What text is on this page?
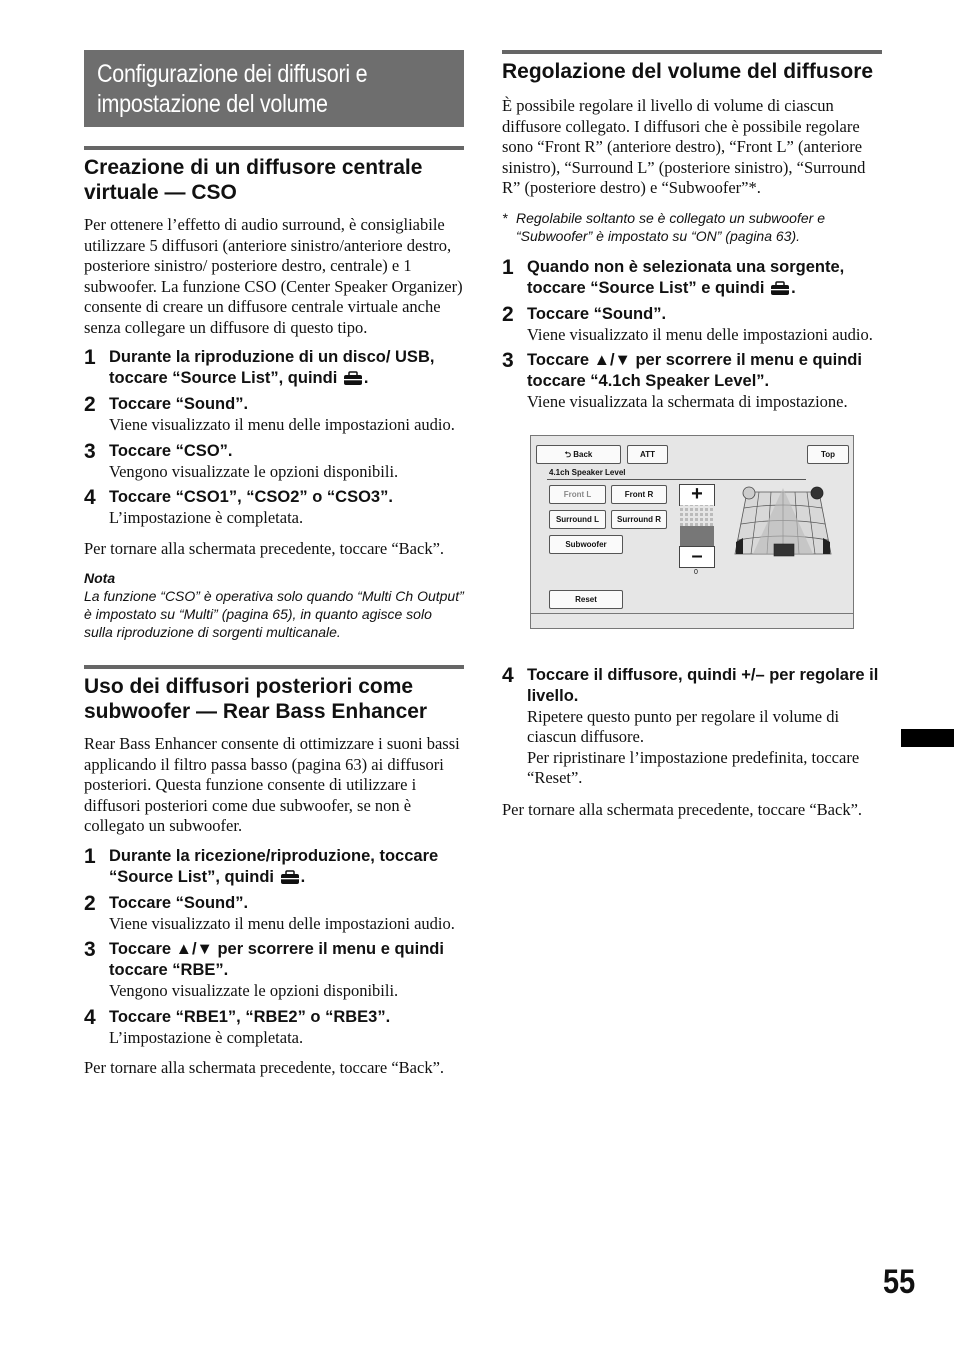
Configurazione dei diffusori e impostazione del volume
Creazione di un diffusore centrale virtuale — CSO

Per ottenere l’effetto di audio surround, è consigliabile utilizzare 5 diffusori (anteriore sinistro/anteriore destro, posteriore sinistro/ posteriore destro, centrale) e 1 subwoofer. La funzione CSO (Center Speaker Organizer) consente di creare un diffusore centrale virtuale anche senza collegare un diffusore di questo tipo.

1 Durante la riproduzione di un disco/ USB, toccare “Source List”, quindi .
2 Toccare “Sound”.
Viene visualizzato il menu delle impostazioni audio.
3 Toccare “CSO”.
Vengono visualizzate le opzioni disponibili.
4 Toccare “CSO1”, “CSO2” o “CSO3”.
L’impostazione è completata.

Per tornare alla schermata precedente, toccare “Back”.

Nota
La funzione “CSO” è operativa solo quando “Multi Ch Output” è impostato su “Multi” (pagina 65), in quanto agisce solo sulla riproduzione di sorgenti multicanale.
Uso dei diffusori posteriori come subwoofer — Rear Bass Enhancer

Rear Bass Enhancer consente di ottimizzare i suoni bassi applicando il filtro passa basso (pagina 63) ai diffusori posteriori. Questa funzione consente di utilizzare i diffusori posteriori come due subwoofer, se non è collegato un subwoofer.

1 Durante la ricezione/riproduzione, toccare “Source List”, quindi .
2 Toccare “Sound”.
Viene visualizzato il menu delle impostazioni audio.
3 Toccare ▲/▼ per scorrere il menu e quindi toccare “RBE”.
Vengono visualizzate le opzioni disponibili.
4 Toccare “RBE1”, “RBE2” o “RBE3”.
L’impostazione è completata.

Per tornare alla schermata precedente, toccare “Back”.

Regolazione del volume del diffusore

È possibile regolare il livello di volume di ciascun diffusore collegato. I diffusori che è possibile regolare sono “Front R” (anteriore destro), “Front L” (anteriore sinistro), “Surround L” (posteriore sinistro), “Surround R” (posteriore destro) e “Subwoofer”*.

* Regolabile soltanto se è collegato un subwoofer e “Subwoofer” è impostato su “ON” (pagina 63).
1 Quando non è selezionata una sorgente, toccare “Source List” e quindi .
2 Toccare “Sound”.
Viene visualizzato il menu delle impostazioni audio.
3 Toccare ▲/▼ per scorrere il menu e quindi toccare “4.1ch Speaker Level”.
Viene visualizzata la schermata di impostazione.
⮌ Back	ATT	Top
4.1ch Speaker Level
Front L	Front R
Surround L	Surround R
Subwoofer
Reset
+
–
0
4 Toccare il diffusore, quindi +/– per regolare il livello.
Ripetere questo punto per regolare il volume di ciascun diffusore.
Per ripristinare l’impostazione predefinita, toccare “Reset”.

Per tornare alla schermata precedente, toccare “Back”.

55
